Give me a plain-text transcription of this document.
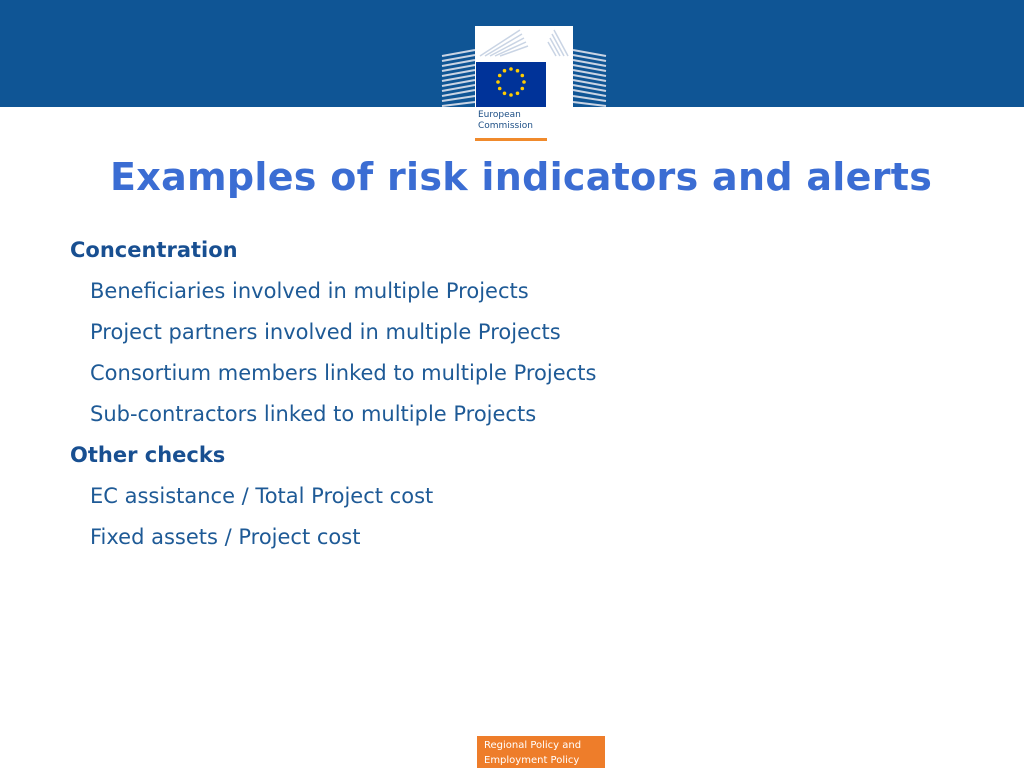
European
Commission
Examples of risk indicators and alerts
Concentration
Beneficiaries involved in multiple Projects
Project partners involved in multiple Projects
Consortium members linked to multiple Projects
Sub-contractors linked to multiple Projects
Other checks
EC assistance / Total Project cost
Fixed assets / Project cost
Regional Policy and
Employment Policy
